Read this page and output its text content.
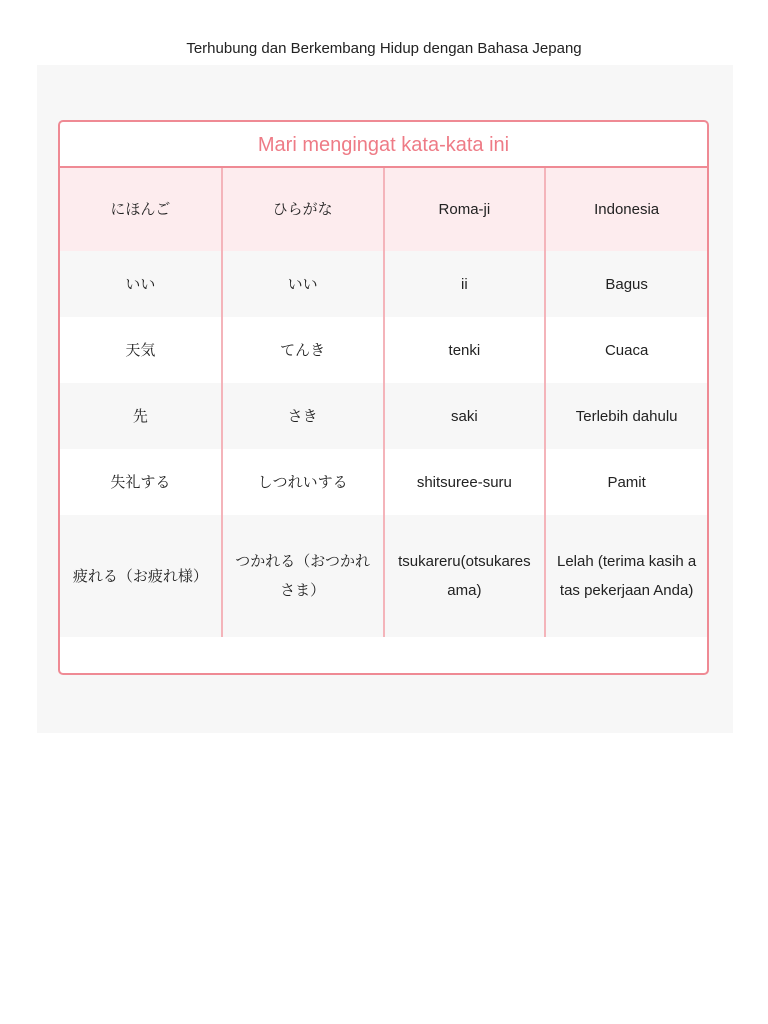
Terhubung dan Berkembang Hidup dengan Bahasa Jepang
Mari mengingat kata-kata ini
にほんご	ひらがな	Roma-ji	Indonesia
いい	いい	ii	Bagus
天気	てんき	tenki	Cuaca
先	さき	saki	Terlebih dahulu
失礼する	しつれいする	shitsuree-suru	Pamit
疲れる（お疲れ様）	つかれる（おつかれさま）	tsukareru(otsukaresama)	Lelah (terima kasih atas pekerjaan Anda)
